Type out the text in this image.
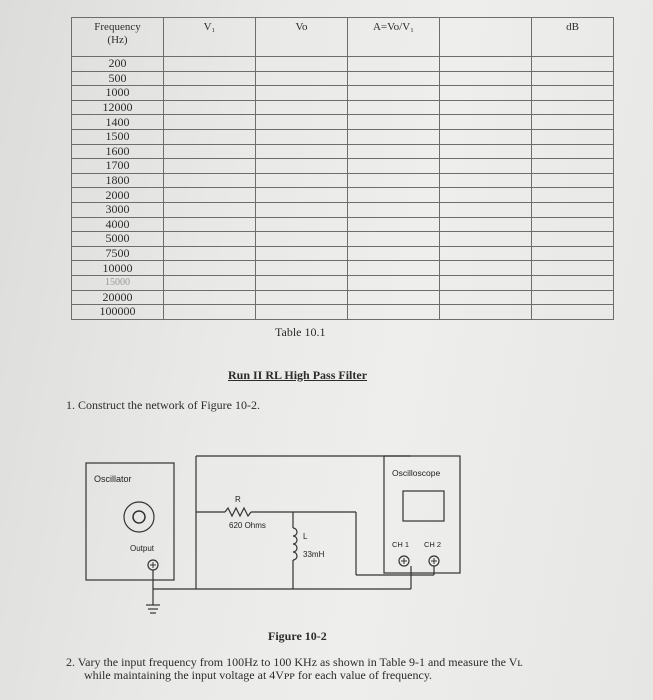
Frequency
(Hz)	V₁	Vo	A=Vo/V₁		dB
200					
500					
1000					
12000					
1400					
1500					
1600					
1700					
1800					
2000					
3000					
4000					
5000					
7500					
10000					
15000					
20000					
100000					
Table 10.1
Run II RL High Pass Filter
1. Construct the network of Figure 10-2.
Oscillator
Output
R
620 Ohms
L
33mH
Oscilloscope
CH 1 CH 2
Figure 10-2
2. Vary the input frequency from 100Hz to 100 KHz as shown in Table 9-1 and measure the Vʟ
while maintaining the input voltage at 4Vᴘᴘ for each value of frequency.
